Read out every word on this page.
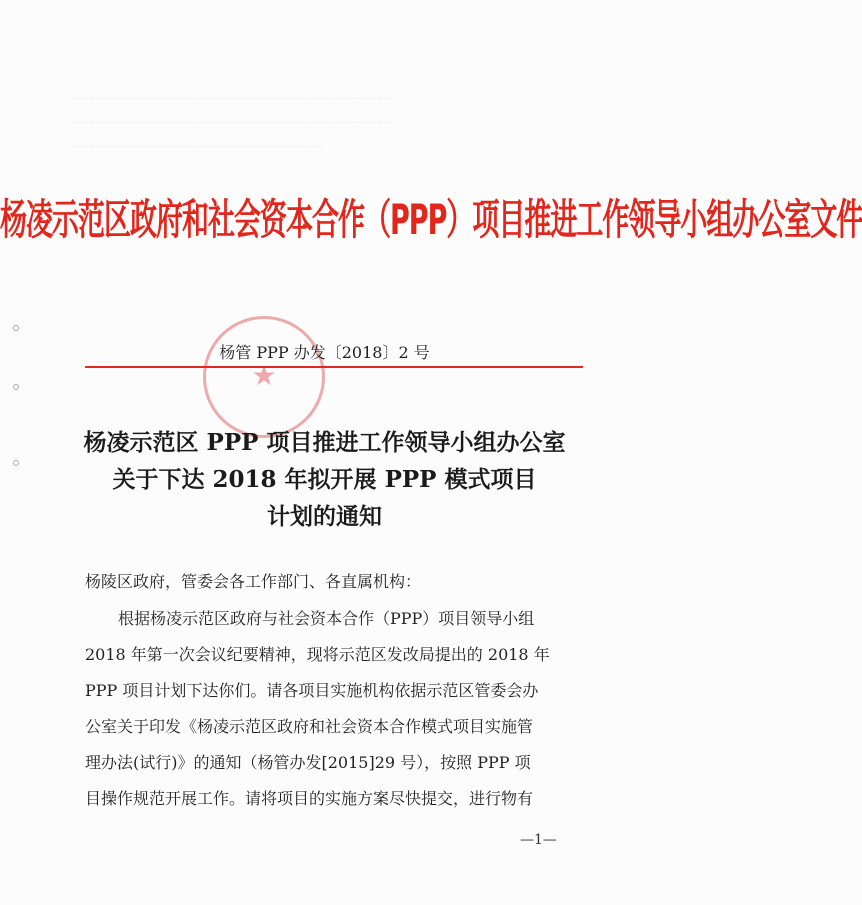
┈┈┈┈┈┈┈┈┈┈┈┈┈┈┈┈┈┈┈┈┈┈┈┈┈┈┈┈┈┈┈┈┈
┈┈┈┈┈┈┈┈┈┈┈┈┈┈┈┈┈┈┈┈┈┈┈┈┈┈┈┈┈┈┈┈┈
┈┈┈┈┈┈┈┈┈┈┈┈┈┈┈┈┈┈┈┈┈┈┈┈┈┈
杨凌示范区政府和社会资本合作（PPP）项目推进工作领导小组办公室文件
★
杨管 PPP 办发〔2018〕2 号
杨凌示范区 PPP 项目推进工作领导小组办公室
关于下达 2018 年拟开展 PPP 模式项目
计划的通知
杨陵区政府，管委会各工作部门、各直属机构：
根据杨凌示范区政府与社会资本合作（PPP）项目领导小组
2018 年第一次会议纪要精神，现将示范区发改局提出的 2018 年
PPP 项目计划下达你们。请各项目实施机构依据示范区管委会办
公室关于印发《杨凌示范区政府和社会资本合作模式项目实施管
理办法(试行)》的通知（杨管办发[2015]29 号），按照 PPP 项
目操作规范开展工作。请将项目的实施方案尽快提交，进行物有
—1—
